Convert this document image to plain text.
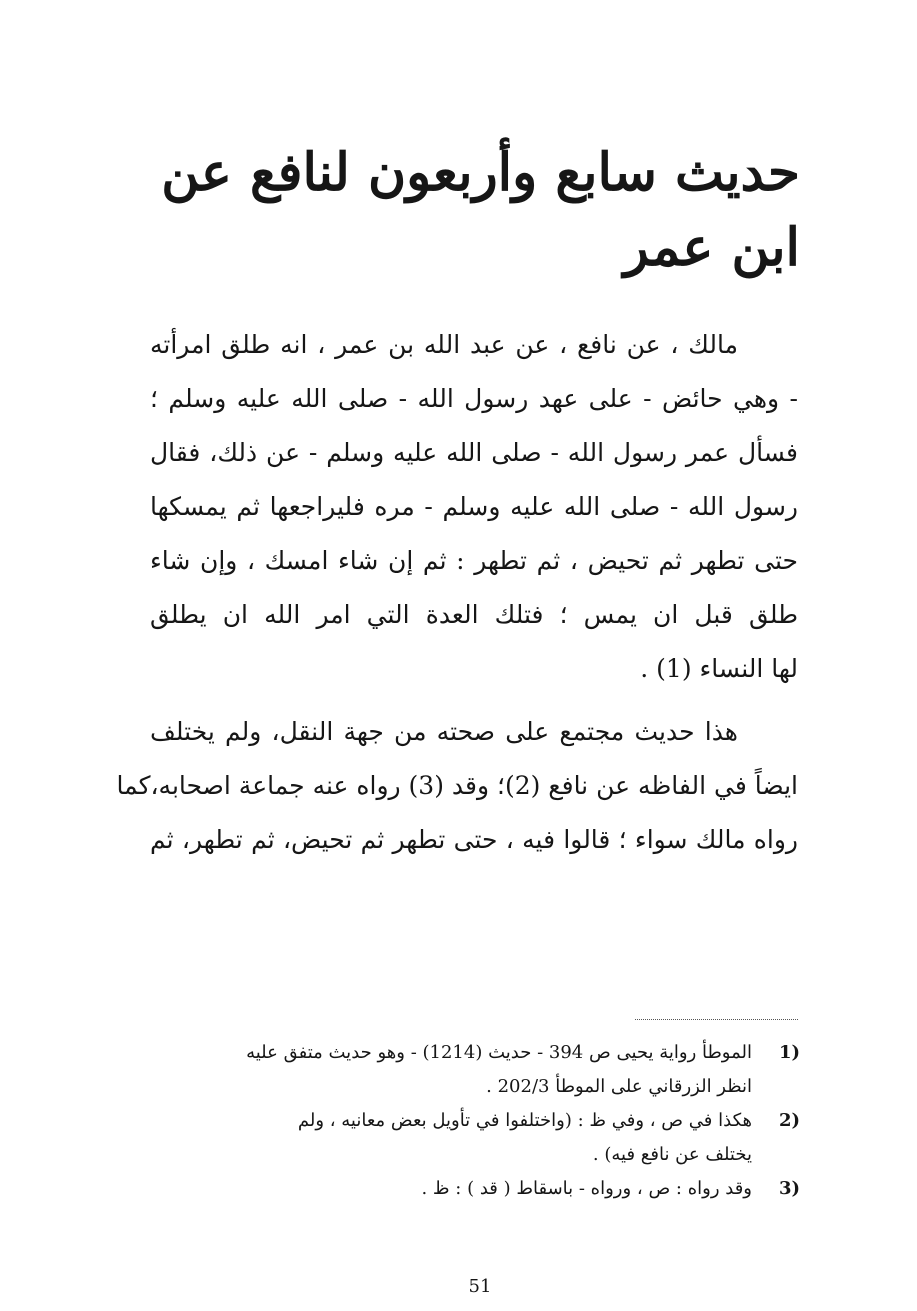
حديث سابع وأربعون لنافع عن
ابن عمر
مالك ، عن نافع ، عن عبد الله بن عمر ، انه طلق امرأته
- وهي حائض - على عهد رسول الله - صلى الله عليه وسلم ؛
فسأل عمر رسول الله - صلى الله عليه وسلم - عن ذلك، فقال
رسول الله - صلى الله عليه وسلم - مره فليراجعها ثم يمسكها
حتى تطهر ثم تحيض ، ثم تطهر : ثم إن شاء امسك ، وإن شاء
طلق قبل ان يمس ؛ فتلك العدة التي امر الله ان يطلق
لها النساء (1) .
هذا حديث مجتمع على صحته من جهة النقل، ولم يختلف
ايضاً في الفاظه عن نافع (2)؛ وقد (3) رواه عنه جماعة اصحابه،كما
رواه مالك سواء ؛ قالوا فيه ، حتى تطهر ثم تحيض، ثم تطهر، ثم
(1
الموطأ رواية يحيى ص 394 - حديث (1214) - وهو حديث متفق عليه
انظر الزرقاني على الموطأ 202/3 .
(2
هكذا في ص ، وفي ظ : (واختلفوا في تأويل بعض معانيه ، ولم
يختلف عن نافع فيه) .
(3
وقد رواه : ص ، ورواه - باسقاط ( قد ) : ظ .
51
